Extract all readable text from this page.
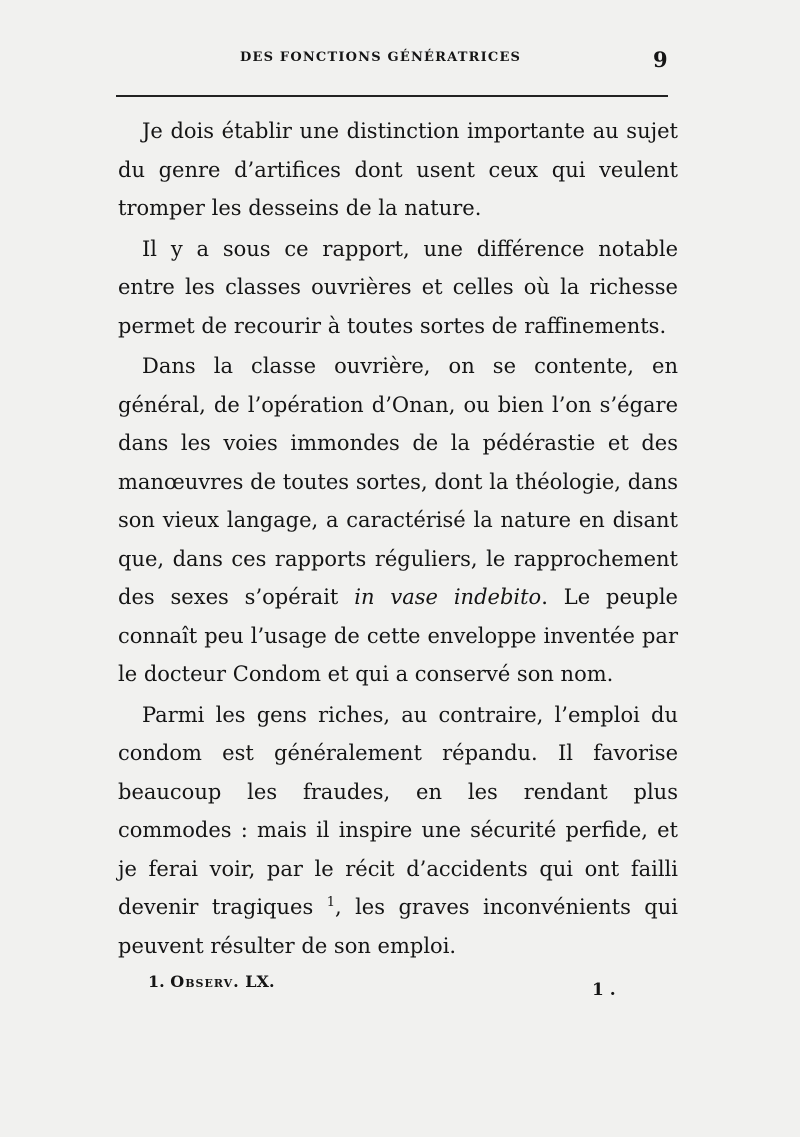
DES FONCTIONS GÉNÉRATRICES	9

Je dois établir une distinction importante au sujet du genre d’artifices dont usent ceux qui veulent tromper les desseins de la nature.

Il y a sous ce rapport, une différence notable entre les classes ouvrières et celles où la richesse permet de recourir à toutes sortes de raffinements.

Dans la classe ouvrière, on se contente, en général, de l’opération d’Onan, ou bien l’on s’égare dans les voies immondes de la pédérastie et des manœuvres de toutes sortes, dont la théologie, dans son vieux langage, a caractérisé la nature en disant que, dans ces rapports réguliers, le rapprochement des sexes s’opérait in vase indebito. Le peuple connaît peu l’usage de cette enveloppe inventée par le docteur Condom et qui a conservé son nom.

Parmi les gens riches, au contraire, l’emploi du condom est généralement répandu. Il favorise beaucoup les fraudes, en les rendant plus commodes : mais il inspire une sécurité perfide, et je ferai voir, par le récit d’accidents qui ont failli devenir tragiques $^1$, les graves inconvénients qui peuvent résulter de son emploi.

1. Observ. LX.	1 .
